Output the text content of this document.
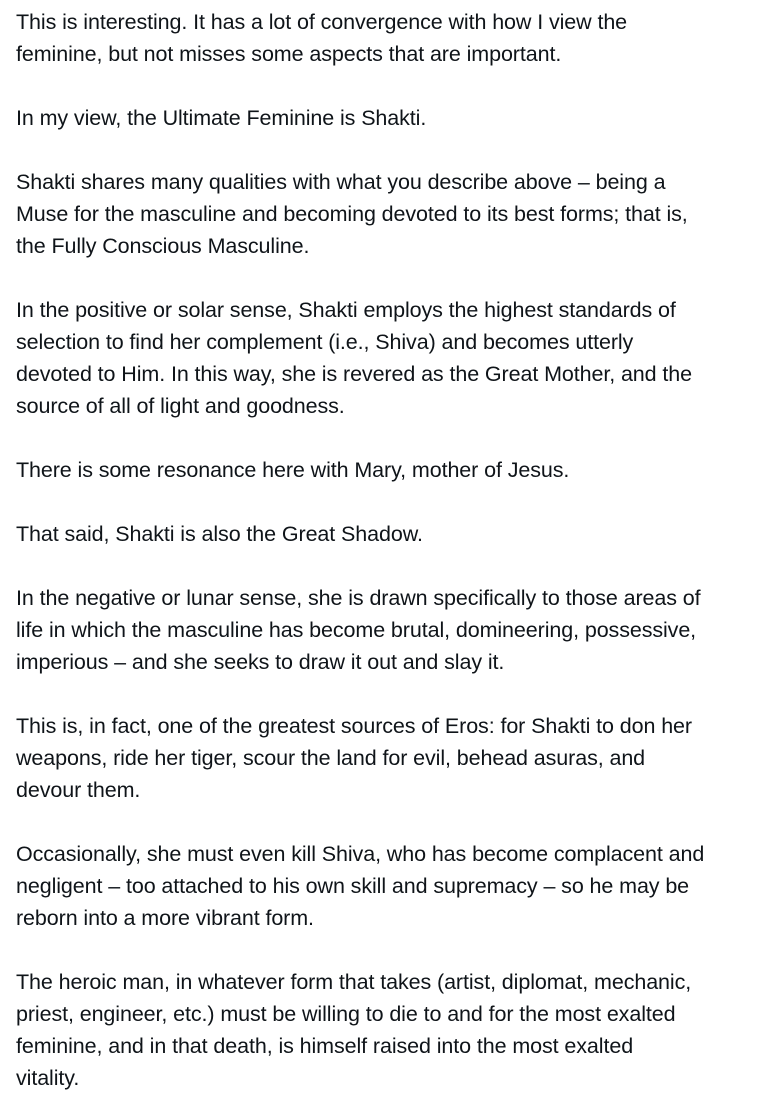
This is interesting. It has a lot of convergence with how I view the
feminine, but not misses some aspects that are important.

In my view, the Ultimate Feminine is Shakti.

Shakti shares many qualities with what you describe above – being a
Muse for the masculine and becoming devoted to its best forms; that is,
the Fully Conscious Masculine.

In the positive or solar sense, Shakti employs the highest standards of
selection to find her complement (i.e., Shiva) and becomes utterly
devoted to Him. In this way, she is revered as the Great Mother, and the
source of all of light and goodness.

There is some resonance here with Mary, mother of Jesus.

That said, Shakti is also the Great Shadow.

In the negative or lunar sense, she is drawn specifically to those areas of
life in which the masculine has become brutal, domineering, possessive,
imperious – and she seeks to draw it out and slay it.

This is, in fact, one of the greatest sources of Eros: for Shakti to don her
weapons, ride her tiger, scour the land for evil, behead asuras, and
devour them.

Occasionally, she must even kill Shiva, who has become complacent and
negligent – too attached to his own skill and supremacy – so he may be
reborn into a more vibrant form.

The heroic man, in whatever form that takes (artist, diplomat, mechanic,
priest, engineer, etc.) must be willing to die to and for the most exalted
feminine, and in that death, is himself raised into the most exalted
vitality.
